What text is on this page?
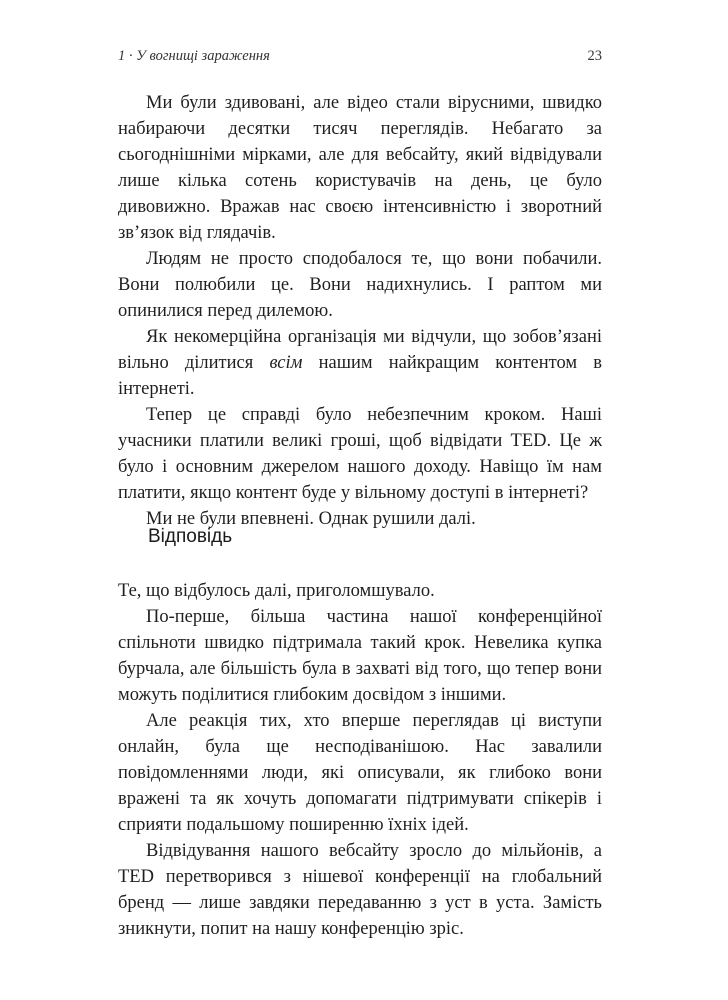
1 · У вогнищі зараження	23

Ми були здивовані, але відео стали вірусними, швидко набираючи десятки тисяч переглядів. Небагато за сьогоднішніми мірками, але для вебсайту, який відвідували лише кілька сотень користувачів на день, це було дивовижно. Вражав нас своєю інтенсивністю і зворотний зв’язок від глядачів.

Людям не просто сподобалося те, що вони побачили. Вони полюбили це. Вони надихнулись. І раптом ми опинилися перед дилемою.

Як некомерційна організація ми відчули, що зобов’язані вільно ділитися всім нашим найкращим контентом в інтернеті.

Тепер це справді було небезпечним кроком. Наші учасники платили великі гроші, щоб відвідати TED. Це ж було і основним джерелом нашого доходу. Навіщо їм нам платити, якщо контент буде у вільному доступі в інтернеті?

Ми не були впевнені. Однак рушили далі.

Відповідь

Те, що відбулось далі, приголомшувало.

По-перше, більша частина нашої конференційної спільноти швидко підтримала такий крок. Невелика купка бурчала, але більшість була в захваті від того, що тепер вони можуть поділитися глибоким досвідом з іншими.

Але реакція тих, хто вперше переглядав ці виступи онлайн, була ще несподіванішою. Нас завалили повідомленнями люди, які описували, як глибоко вони вражені та як хочуть допомагати підтримувати спікерів і сприяти подальшому поширенню їхніх ідей.

Відвідування нашого вебсайту зросло до мільйонів, а TED перетворився з нішевої конференції на глобальний бренд — лише завдяки передаванню з уст в уста. Замість зникнути, попит на нашу конференцію зріс.
